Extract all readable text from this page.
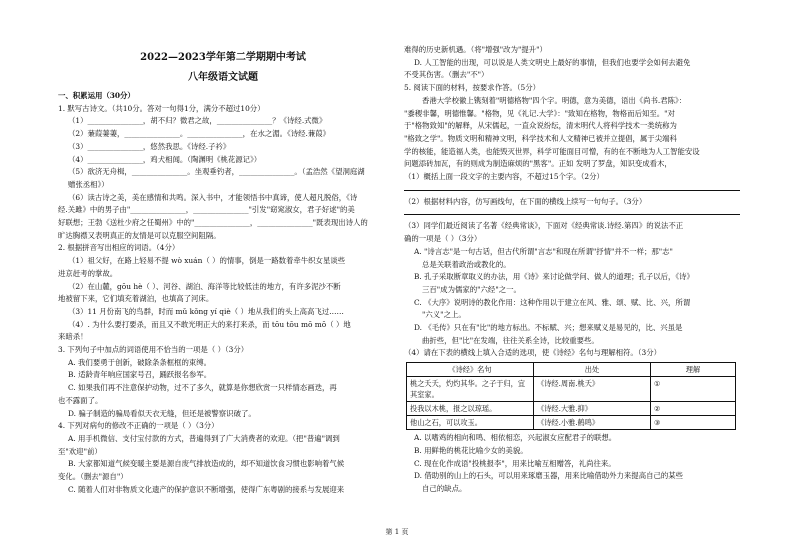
2022—2023学年第二学期期中考试
八年级语文试题
一、积累运用（30分）
1. 默写古诗文。（共10分。答对一句得1分，满分不超过10分）
（1）_______________，胡不归？微君之故，_______________？《诗经.式微》
（2）蒹葭萋萋，_______________。_______________，在水之湄。《诗经.蒹葭》
（3）_______________，悠然我思。《诗经.子衿》
（4）_______________，鸡犬相闻。（陶渊明《桃花源记》）
（5）欲济无舟楫，_______________。坐观垂钓者，_______________。（孟浩然《望洞庭湖
赠张丞相》）
（6）读古诗之美，美在感情和共鸣。深入书中，才能领悟书中真谛，使人超凡脱俗，《诗
经.关雎》中的男子由"_______________，_______________"引发"窈窕淑女，君子好逑"的美
好联想；王勃《送杜少府之任蜀州》中的"_______________，_______________"既表现出诗人的
旷达胸襟又表明真正的友情是可以克服空间阻隔。
2. 根据拼音写出相应的词语。（4分）
（1）祖父好，在路上轻易不提 wò xuán（ ）的情事，倒是一路数着牵牛织女星谈些
进京赶考的掌故。
（2）在山麓，gōu hè（ ）、河谷、湖泊、海洋等比较低洼的地方，有许多泥沙不断
地被留下来，它们填充着湖泊，也填高了河床。
（3）11 月份南飞的鸟群，时而 mǔ kǒng yí qiè（ ）地从我们的头上高高飞过……
（4）. 为什么要打要杀，而且又不敢光明正大的来打来杀，而 tōu tōu mō mō（ ）地
来暗杀！
3. 下列句子中加点的词语使用不恰当的一项是（ ）（3分）
A. 我们要勇于创新，破除条条框框的束缚。
B. 适龄青年响应国家号召，踊跃报名参军。
C. 如果我们再不注意保护动物，过不了多久，就算是你想欣赏一只样情态画迭，再
也不露面了。
D. 骗子制造的骗局看似天衣无缝，但还是被警察识破了。
4. 下列对病句的修改不正确的一项是（ ）（3分）
A. 用手机微信、支付宝付款的方式，普遍得到了广大消费者的欢迎。（把"普遍"调到
至"欢迎"前）
B. 大家都知道气候变暖主要是源自废气排放造成的，却不知道饮食习惯也影响着气候
变化。（删去"源自"）
C. 随着人们对非物质文化遗产的保护意识不断增强，使得广东粤剧的接系与发展迎来
难得的历史新机遇。（将"增强"改为"提升"）
D. 人工智能的出现，可以说是人类文明史上最好的事情，但我们也要学会如何去避免
不受其伤害。（删去"不"）
5. 阅读下面的材料，按要求作答。（5分）
香港大学校徽上镌刻着"明德格物"四个字。明德，意为美德，语出《尚书.君陈》：
"黍稷非馨，明德惟馨。"格物，见《礼记.大学》："致知在格物，物格而后知至。"对
于"格物致知"的解释，从宋儒起，一直众说纷纭，清末明代人将科学技术一类统称为
"格致之学"。物质文明和精神文明，科学技术和人文精神已被并立提倡，属于尖端科
学的核能，能造福人类，也能毁灭世界，科学可能面目可憎，有的在不断地为人工智能安设
问题添砖加瓦，有的则成为制造麻烦的"黑客"。正如 发明了罗盘，知识变成看木，
（1）概括上面一段文字的主要内容，不超过15个字。（2分）
（2）根据材料内容，仿写画线句，在下面的横线上续写一句句子。（3分）
（3）同学们最近阅读了名著《经典常谈》，下面对《经典常谈.诗经.第四》的说法不正
确的一项是（ ）（3分）
A. "诗言志"是一句古话，但古代所谓"言志"和现在所谓"抒情"并不一样；那"志"
总是关联着政治或教化的。
B. 孔子采取断章取义的办法，用《诗》来讨论做学问、做人的道理；孔子以后，《诗》
三百"成为儒家的"六经"之一。
C. 《大序》说明诗的教化作用：这种作用以于建立在风、雅、颂、赋、比、兴，所谓
"六义"之上。
D. 《毛传》只在有"比"的地方标出。不标赋、兴；想来赋义是易见的，比、兴虽是
曲折些，但"比"在发端，往往关系全诗，比较重要些。
（4）请在下表的横线上填入合适的选项，使《诗经》名句与理解相符。（3分）
《诗经》名句	出处	理解
桃之夭夭，灼灼其华。之子于归，宜其室家。	《诗经.周南.桃夭》	①
投我以木桃，报之以琼瑶。	《诗经.大雅.抑》	②
他山之石，可以攻玉。	《诗经.小雅.鹤鸣》	③
A. 以嗜鸡的相向和鸣、相依相恋，兴起淑女应配君子的联想。
B. 用鲜艳的桃花比喻少女的美貌。
C. 现在化作成语"投桃报李"，用来比喻互相赠答，礼尚往来。
D. 借助别的山上的石头，可以用来琢磨玉器，用来比喻借助外力来提高自己的某些
自己的缺点。
第 1 页
